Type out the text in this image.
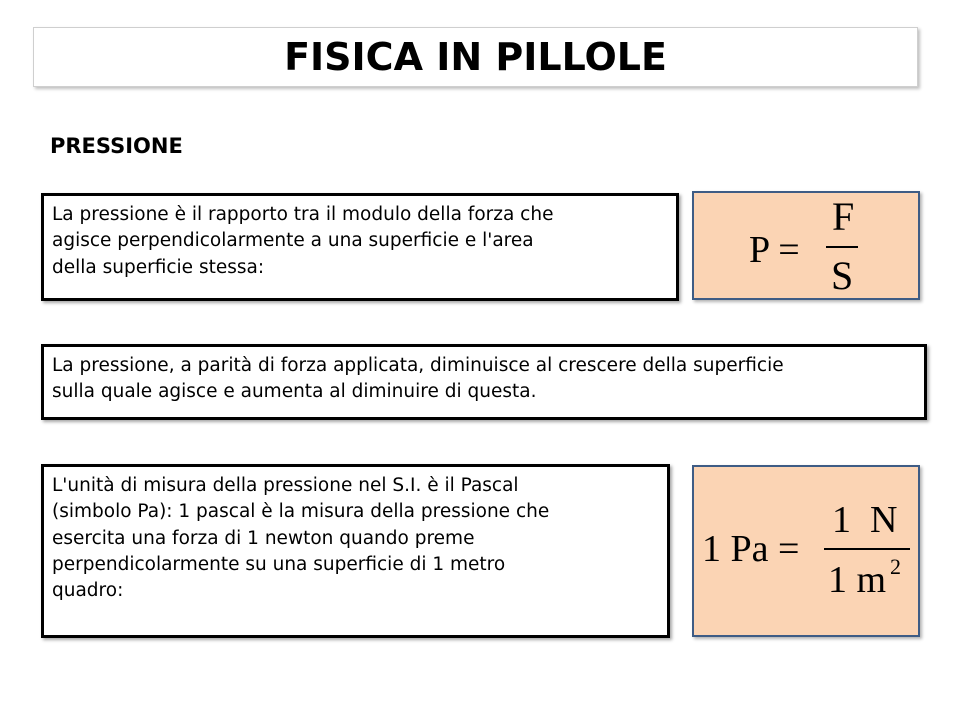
FISICA IN PILLOLE
PRESSIONE
La pressione è il rapporto tra il modulo della forza che
agisce perpendicolarmente a una superficie e l'area
della superficie stessa:	P =
F
S
La pressione, a parità di forza applicata, diminuisce al crescere della superficie
sulla quale agisce e aumenta al diminuire di questa.
L'unità di misura della pressione nel S.I. è il Pascal
(simbolo Pa): 1 pascal è la misura della pressione che
esercita una forza di 1 newton quando preme
perpendicolarmente su una superficie di 1 metro
quadro:
1 Pa =
1  N
1 m 2
